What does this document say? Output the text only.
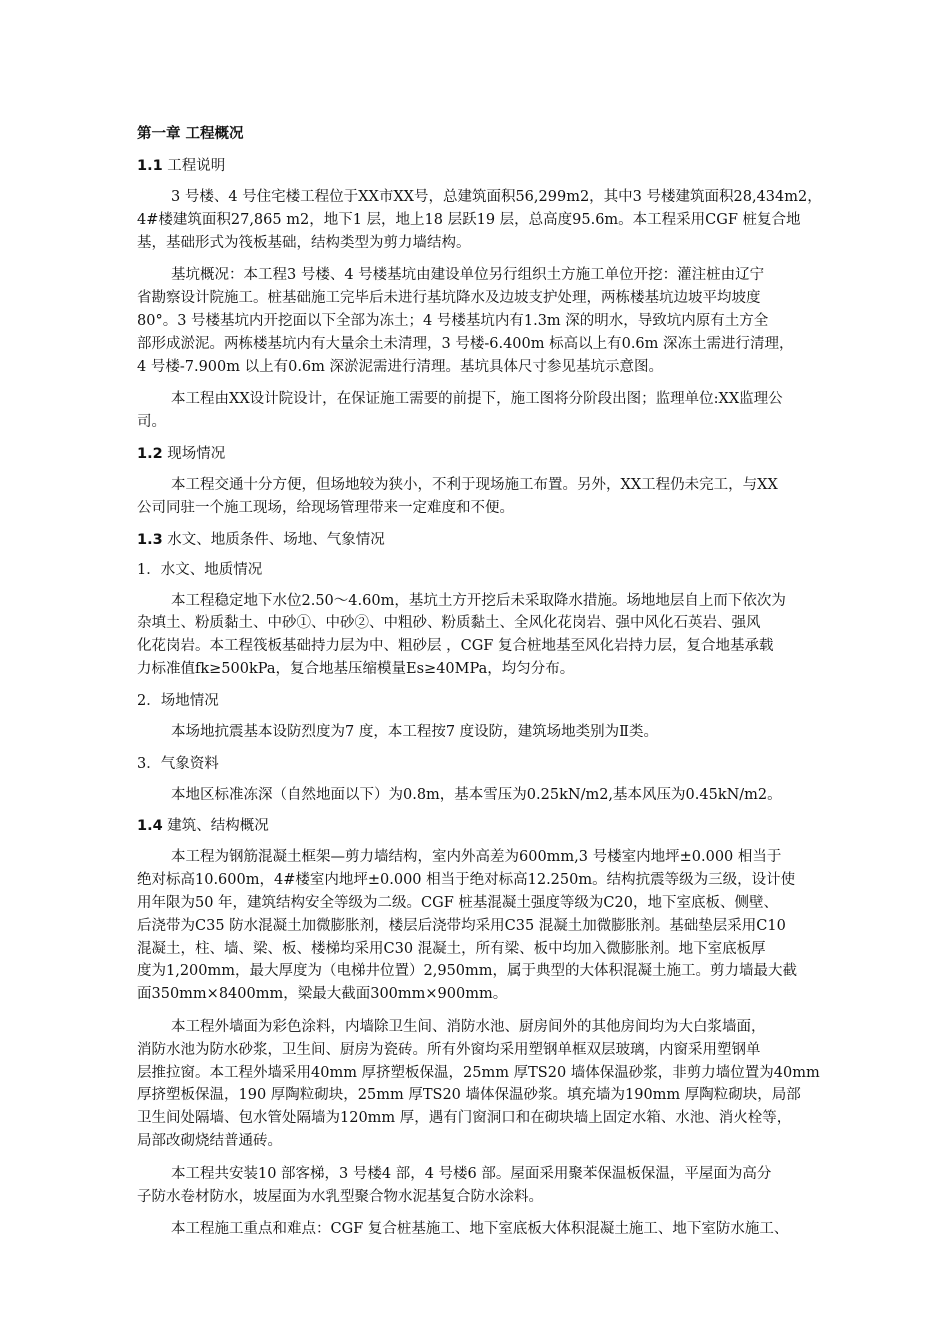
第一章 工程概况
1.1 工程说明
3 号楼、4 号住宅楼工程位于XX市XX号，总建筑面积56,299m2，其中3 号楼建筑面积28,434m2，
4#楼建筑面积27,865 m2，地下1 层，地上18 层跃19 层，总高度95.6m。本工程采用CGF 桩复合地
基，基础形式为筏板基础，结构类型为剪力墙结构。
基坑概况：本工程3 号楼、4 号楼基坑由建设单位另行组织土方施工单位开挖：灌注桩由辽宁
省勘察设计院施工。桩基础施工完毕后未进行基坑降水及边坡支护处理，两栋楼基坑边坡平均坡度
80°。3 号楼基坑内开挖面以下全部为冻土；4 号楼基坑内有1.3m 深的明水，导致坑内原有土方全
部形成淤泥。两栋楼基坑内有大量余土未清理，3 号楼-6.400m 标高以上有0.6m 深冻土需进行清理，
4 号楼-7.900m 以上有0.6m 深淤泥需进行清理。基坑具体尺寸参见基坑示意图。
本工程由XX设计院设计，在保证施工需要的前提下，施工图将分阶段出图；监理单位:XX监理公
司。
1.2 现场情况
本工程交通十分方便，但场地较为狭小，不利于现场施工布置。另外，XX工程仍未完工，与XX
公司同驻一个施工现场，给现场管理带来一定难度和不便。
1.3 水文、地质条件、场地、气象情况
1．水文、地质情况
本工程稳定地下水位2.50～4.60m，基坑土方开挖后未采取降水措施。场地地层自上而下依次为
杂填土、粉质黏土、中砂①、中砂②、中粗砂、粉质黏土、全风化花岗岩、强中风化石英岩、强风
化花岗岩。本工程筏板基础持力层为中、粗砂层 ，CGF 复合桩地基至风化岩持力层，复合地基承载
力标准值fk≥500kPa，复合地基压缩模量Es≥40MPa，均匀分布。
2．场地情况
本场地抗震基本设防烈度为7 度，本工程按7 度设防，建筑场地类别为Ⅱ类。
3．气象资料
本地区标准冻深（自然地面以下）为0.8m，基本雪压为0.25kN/m2,基本风压为0.45kN/m2。
1.4 建筑、结构概况
本工程为钢筋混凝土框架—剪力墙结构，室内外高差为600mm,3 号楼室内地坪±0.000 相当于
绝对标高10.600m，4#楼室内地坪±0.000 相当于绝对标高12.250m。结构抗震等级为三级，设计使
用年限为50 年，建筑结构安全等级为二级。CGF 桩基混凝土强度等级为C20，地下室底板、侧壁、
后浇带为C35 防水混凝土加微膨胀剂，楼层后浇带均采用C35 混凝土加微膨胀剂。基础垫层采用C10
混凝土，柱、墙、梁、板、楼梯均采用C30 混凝土，所有梁、板中均加入微膨胀剂。地下室底板厚
度为1,200mm，最大厚度为（电梯井位置）2,950mm，属于典型的大体积混凝土施工。剪力墙最大截
面350mm×8400mm，梁最大截面300mm×900mm。
本工程外墙面为彩色涂料，内墙除卫生间、消防水池、厨房间外的其他房间均为大白浆墙面，
消防水池为防水砂浆，卫生间、厨房为瓷砖。所有外窗均采用塑钢单框双层玻璃，内窗采用塑钢单
层推拉窗。本工程外墙采用40mm 厚挤塑板保温，25mm 厚TS20 墙体保温砂浆，非剪力墙位置为40mm
厚挤塑板保温，190 厚陶粒砌块，25mm 厚TS20 墙体保温砂浆。填充墙为190mm 厚陶粒砌块，局部
卫生间处隔墙、包水管处隔墙为120mm 厚，遇有门窗洞口和在砌块墙上固定水箱、水池、消火栓等，
局部改砌烧结普通砖。
本工程共安装10 部客梯，3 号楼4 部，4 号楼6 部。屋面采用聚苯保温板保温，平屋面为高分
子防水卷材防水，坡屋面为水乳型聚合物水泥基复合防水涂料。
本工程施工重点和难点：CGF 复合桩基施工、地下室底板大体积混凝土施工、地下室防水施工、
